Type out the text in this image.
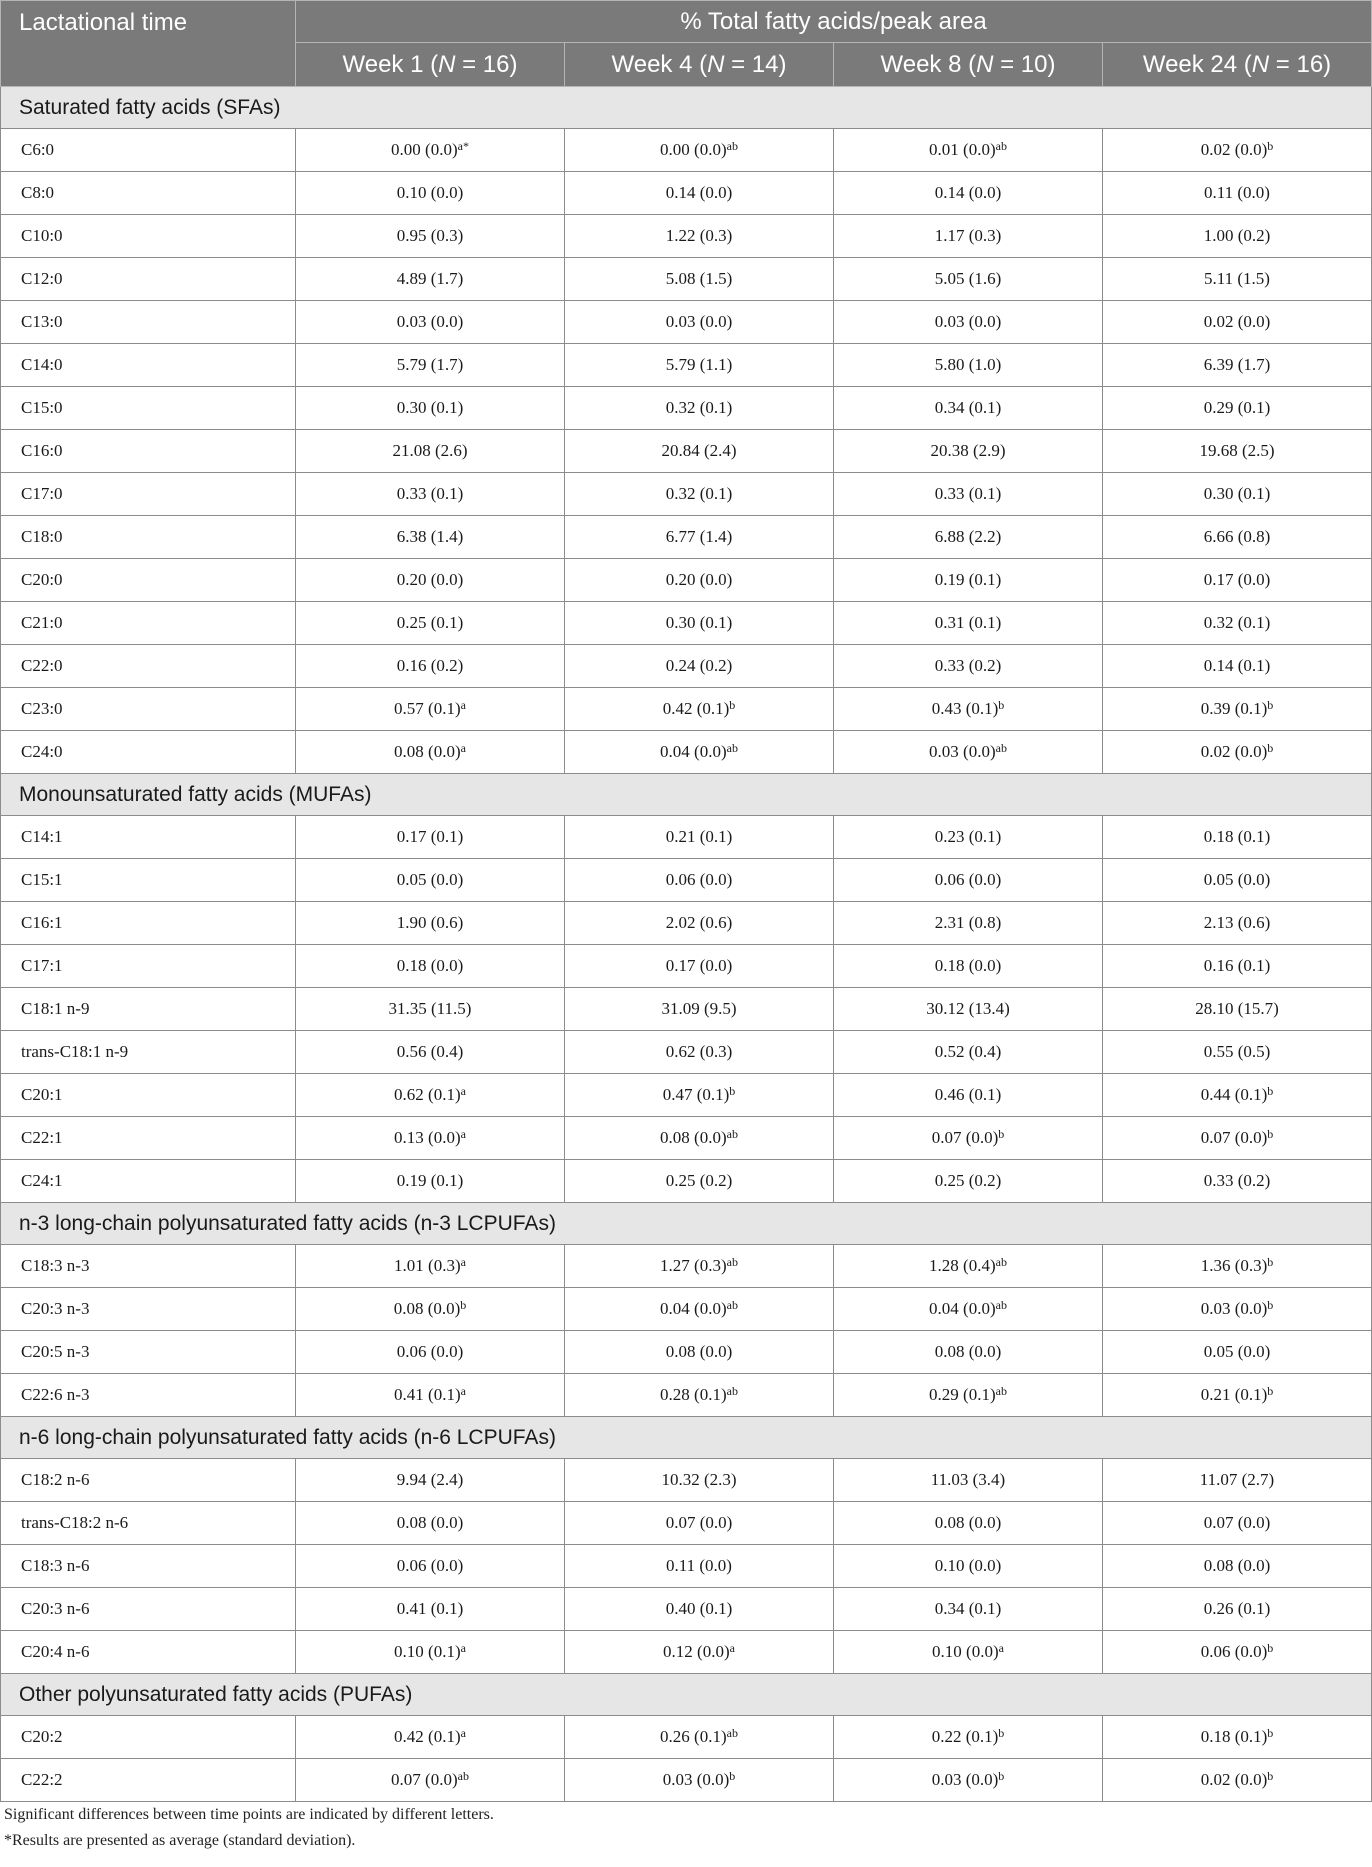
Lactational time	% Total fatty acids/peak area			
	Week 1 (N = 16)	Week 4 (N = 14)	Week 8 (N = 10)	Week 24 (N = 16)
Saturated fatty acids (SFAs)				
C6:0	0.00 $(0.0)^{a*}$	0.00 $(0.0)^{ab}$	0.01 $(0.0)^{ab}$	0.02 $(0.0)^b$
C8:0	0.10 (0.0)	0.14 (0.0)	0.14 (0.0)	0.11 (0.0)
C10:0	0.95 (0.3)	1.22 (0.3)	1.17 (0.3)	1.00 (0.2)
C12:0	4.89 (1.7)	5.08 (1.5)	5.05 (1.6)	5.11 (1.5)
C13:0	0.03 (0.0)	0.03 (0.0)	0.03 (0.0)	0.02 (0.0)
C14:0	5.79 (1.7)	5.79 (1.1)	5.80 (1.0)	6.39 (1.7)
C15:0	0.30 (0.1)	0.32 (0.1)	0.34 (0.1)	0.29 (0.1)
C16:0	21.08 (2.6)	20.84 (2.4)	20.38 (2.9)	19.68 (2.5)
C17:0	0.33 (0.1)	0.32 (0.1)	0.33 (0.1)	0.30 (0.1)
C18:0	6.38 (1.4)	6.77 (1.4)	6.88 (2.2)	6.66 (0.8)
C20:0	0.20 (0.0)	0.20 (0.0)	0.19 (0.1)	0.17 (0.0)
C21:0	0.25 (0.1)	0.30 (0.1)	0.31 (0.1)	0.32 (0.1)
C22:0	0.16 (0.2)	0.24 (0.2)	0.33 (0.2)	0.14 (0.1)
C23:0	0.57 $(0.1)^a$	0.42 $(0.1)^b$	0.43 $(0.1)^b$	0.39 $(0.1)^b$
C24:0	0.08 $(0.0)^a$	0.04 $(0.0)^{ab}$	0.03 $(0.0)^{ab}$	0.02 $(0.0)^b$
Monounsaturated fatty acids (MUFAs)				
C14:1	0.17 (0.1)	0.21 (0.1)	0.23 (0.1)	0.18 (0.1)
C15:1	0.05 (0.0)	0.06 (0.0)	0.06 (0.0)	0.05 (0.0)
C16:1	1.90 (0.6)	2.02 (0.6)	2.31 (0.8)	2.13 (0.6)
C17:1	0.18 (0.0)	0.17 (0.0)	0.18 (0.0)	0.16 (0.1)
C18:1 n-9	31.35 (11.5)	31.09 (9.5)	30.12 (13.4)	28.10 (15.7)
trans-C18:1 n-9	0.56 (0.4)	0.62 (0.3)	0.52 (0.4)	0.55 (0.5)
C20:1	0.62 $(0.1)^a$	0.47 $(0.1)^b$	0.46 (0.1)	0.44 $(0.1)^b$
C22:1	0.13 $(0.0)^a$	0.08 $(0.0)^{ab}$	0.07 $(0.0)^b$	0.07 $(0.0)^b$
C24:1	0.19 (0.1)	0.25 (0.2)	0.25 (0.2)	0.33 (0.2)
n-3 long-chain polyunsaturated fatty acids (n-3 LCPUFAs)				
C18:3 n-3	1.01 $(0.3)^a$	1.27 $(0.3)^{ab}$	1.28 $(0.4)^{ab}$	1.36 $(0.3)^b$
C20:3 n-3	0.08 $(0.0)^b$	0.04 $(0.0)^{ab}$	0.04 $(0.0)^{ab}$	0.03 $(0.0)^b$
C20:5 n-3	0.06 (0.0)	0.08 (0.0)	0.08 (0.0)	0.05 (0.0)
C22:6 n-3	0.41 $(0.1)^a$	0.28 $(0.1)^{ab}$	0.29 $(0.1)^{ab}$	0.21 $(0.1)^b$
n-6 long-chain polyunsaturated fatty acids (n-6 LCPUFAs)				
C18:2 n-6	9.94 (2.4)	10.32 (2.3)	11.03 (3.4)	11.07 (2.7)
trans-C18:2 n-6	0.08 (0.0)	0.07 (0.0)	0.08 (0.0)	0.07 (0.0)
C18:3 n-6	0.06 (0.0)	0.11 (0.0)	0.10 (0.0)	0.08 (0.0)
C20:3 n-6	0.41 (0.1)	0.40 (0.1)	0.34 (0.1)	0.26 (0.1)
C20:4 n-6	0.10 $(0.1)^a$	0.12 $(0.0)^a$	0.10 $(0.0)^a$	0.06 $(0.0)^b$
Other polyunsaturated fatty acids (PUFAs)				
C20:2	0.42 $(0.1)^a$	0.26 $(0.1)^{ab}$	0.22 $(0.1)^b$	0.18 $(0.1)^b$
C22:2	0.07 $(0.0)^{ab}$	0.03 $(0.0)^b$	0.03 $(0.0)^b$	0.02 $(0.0)^b$
Significant differences between time points are indicated by different letters.
*Results are presented as average (standard deviation).
